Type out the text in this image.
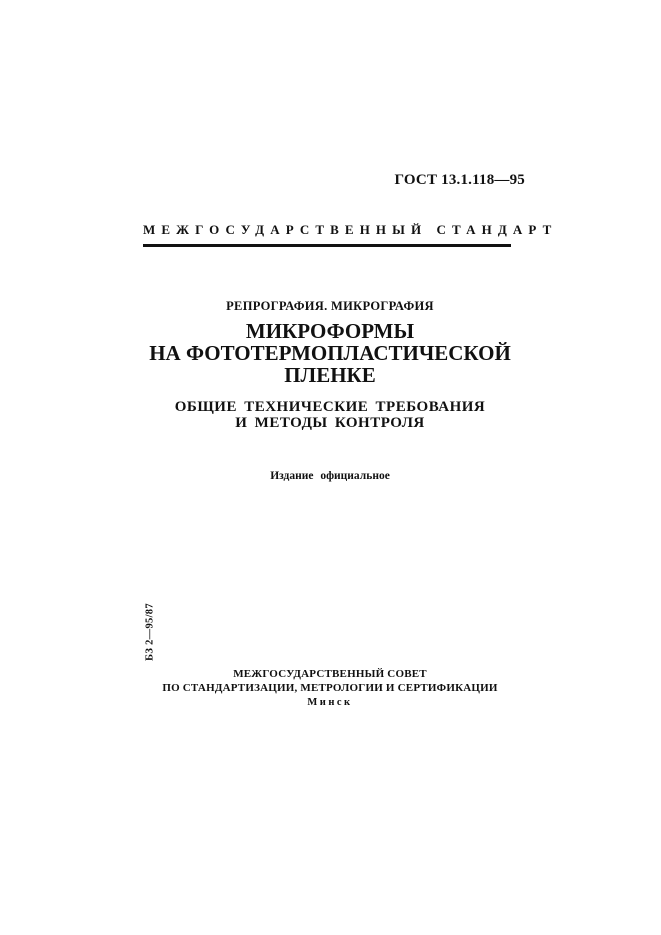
ГОСТ 13.1.118—95
МЕЖГОСУДАРСТВЕННЫЙ СТАНДАРТ
РЕПРОГРАФИЯ. МИКРОГРАФИЯ
МИКРОФОРМЫ
НА ФОТОТЕРМОПЛАСТИЧЕСКОЙ
ПЛЕНКЕ
ОБЩИЕ ТЕХНИЧЕСКИЕ ТРЕБОВАНИЯ
И МЕТОДЫ КОНТРОЛЯ
Издание официальное
БЗ 2—95/87
МЕЖГОСУДАРСТВЕННЫЙ СОВЕТ
ПО СТАНДАРТИЗАЦИИ, МЕТРОЛОГИИ И СЕРТИФИКАЦИИ
Минск
